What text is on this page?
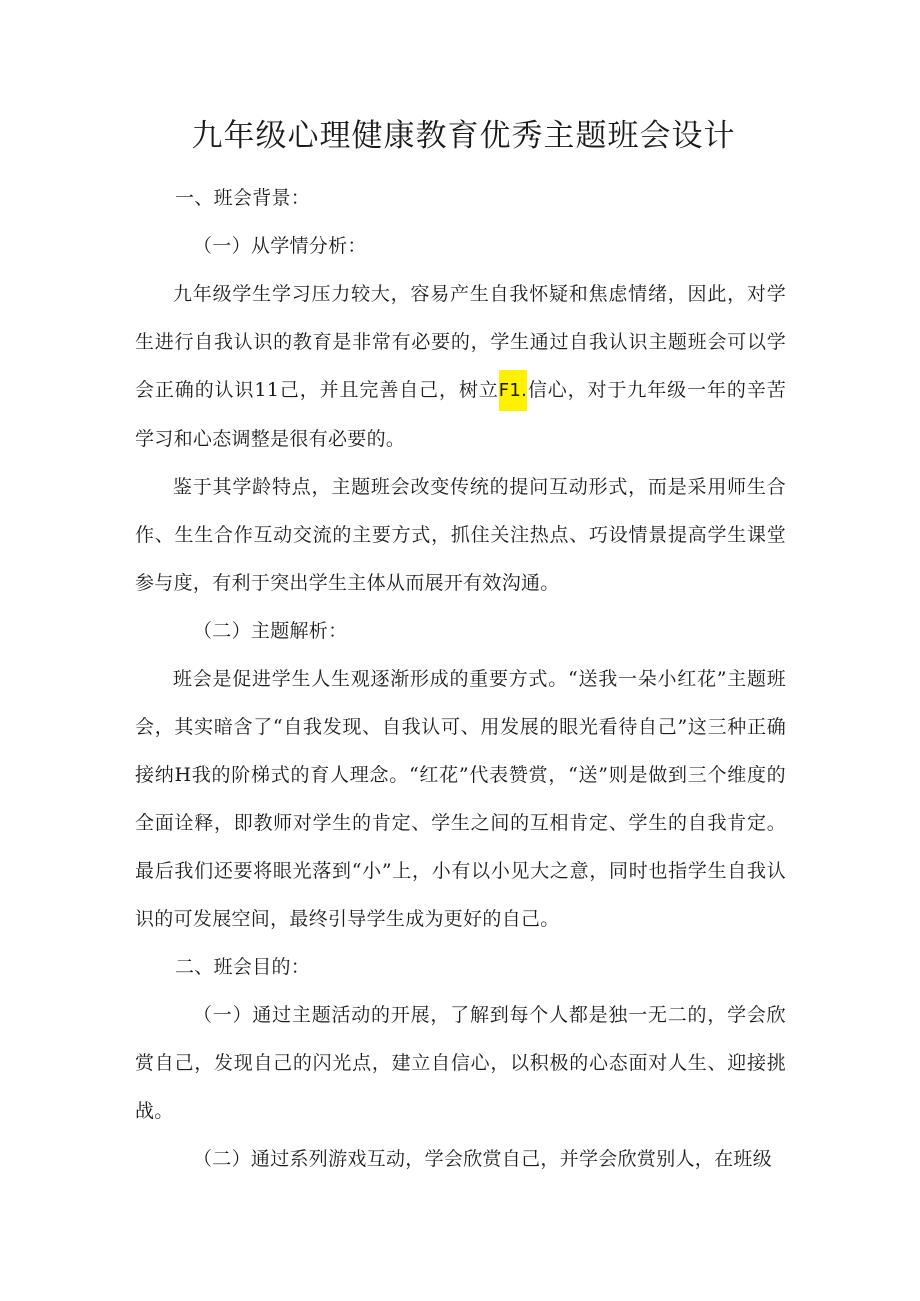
九年级心理健康教育优秀主题班会设计

一、班会背景：

（一）从学情分析：

九年级学生学习压力较大，容易产生自我怀疑和焦虑情绪，因此，对学生进行自我认识的教育是非常有必要的，学生通过自我认识主题班会可以学会正确的认识11己，并且完善自己，树立F1.信心，对于九年级一年的辛苦学习和心态调整是很有必要的。

鉴于其学龄特点，主题班会改变传统的提问互动形式，而是采用师生合作、生生合作互动交流的主要方式，抓住关注热点、巧设情景提高学生课堂参与度，有利于突出学生主体从而展开有效沟通。

（二）主题解析：

班会是促进学生人生观逐渐形成的重要方式。“送我一朵小红花”主题班会，其实暗含了“自我发现、自我认可、用发展的眼光看待自己”这三种正确接纳H我的阶梯式的育人理念。“红花”代表赞赏，“送”则是做到三个维度的全面诠释，即教师对学生的肯定、学生之间的互相肯定、学生的自我肯定。最后我们还要将眼光落到“小”上，小有以小见大之意，同时也指学生自我认识的可发展空间，最终引导学生成为更好的自己。

二、班会目的：

（一）通过主题活动的开展，了解到每个人都是独一无二的，学会欣赏自己，发现自己的闪光点，建立自信心，以积极的心态面对人生、迎接挑战。

（二）通过系列游戏互动，学会欣赏自己，并学会欣赏别人，在班级
